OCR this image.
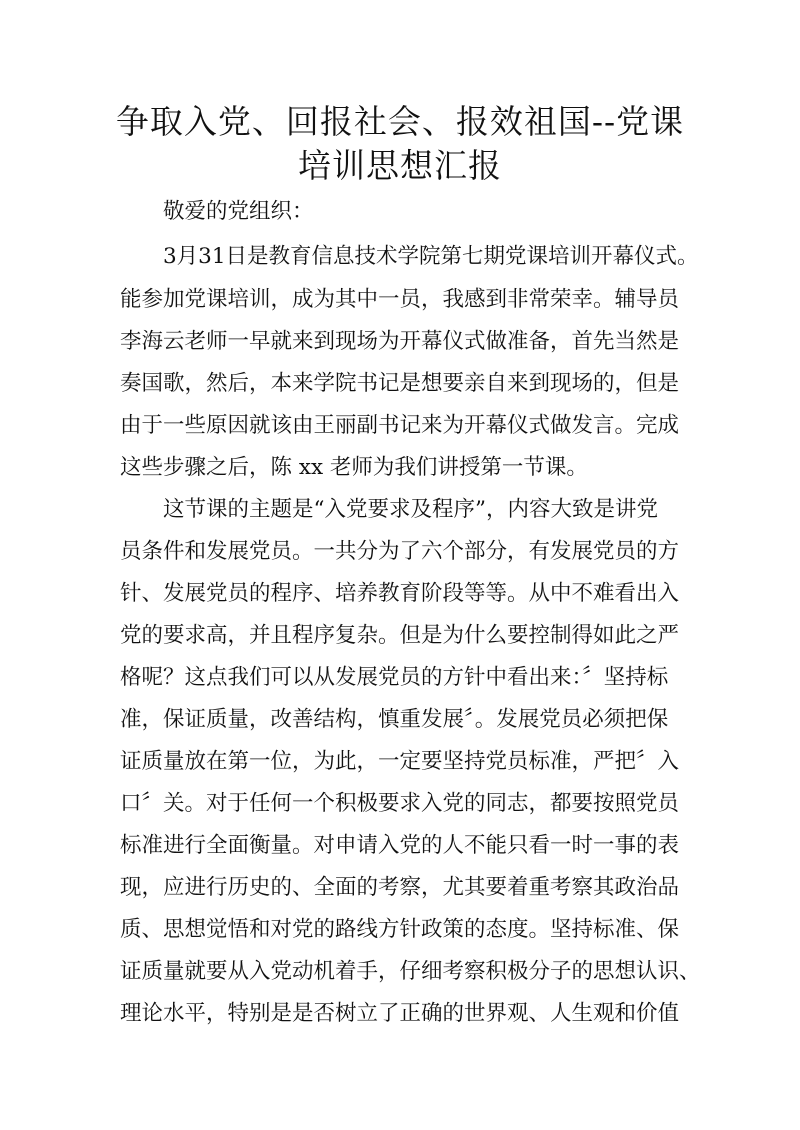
争取入党、回报社会、报效祖国--党课
培训思想汇报

敬爱的党组织：

3月31日是教育信息技术学院第七期党课培训开幕仪式。

能参加党课培训，成为其中一员，我感到非常荣幸。辅导员

李海云老师一早就来到现场为开幕仪式做准备，首先当然是

奏国歌，然后，本来学院书记是想要亲自来到现场的，但是

由于一些原因就该由王丽副书记来为开幕仪式做发言。完成

这些步骤之后，陈 xx 老师为我们讲授第一节课。

这节课的主题是“入党要求及程序”，内容大致是讲党

员条件和发展党员。一共分为了六个部分，有发展党员的方

针、发展党员的程序、培养教育阶段等等。从中不难看出入

党的要求高，并且程序复杂。但是为什么要控制得如此之严

格呢？这点我们可以从发展党员的方针中看出来：〞坚持标

准，保证质量，改善结构，慎重发展〞。发展党员必须把保

证质量放在第一位，为此，一定要坚持党员标准，严把〞入

口〞关。对于任何一个积极要求入党的同志，都要按照党员

标准进行全面衡量。对申请入党的人不能只看一时一事的表

现，应进行历史的、全面的考察，尤其要着重考察其政治品

质、思想觉悟和对党的路线方针政策的态度。坚持标准、保

证质量就要从入党动机着手，仔细考察积极分子的思想认识、

理论水平，特别是是否树立了正确的世界观、人生观和价值
